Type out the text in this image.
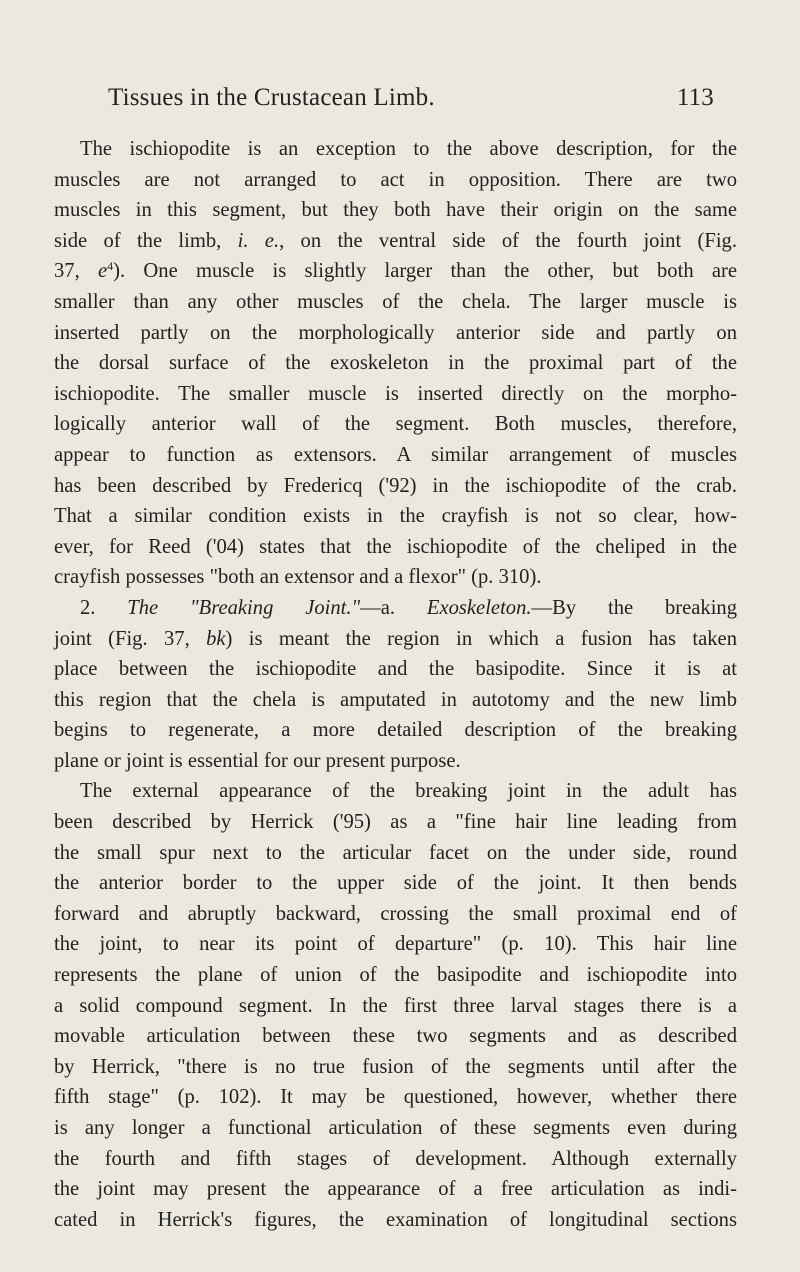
Tissues in the Crustacean Limb.	113
The ischiopodite is an exception to the above description, for the
muscles are not arranged to act in opposition. There are two
muscles in this segment, but they both have their origin on the same
side of the limb, i. e., on the ventral side of the fourth joint (Fig.
37, $e^4$). One muscle is slightly larger than the other, but both are
smaller than any other muscles of the chela. The larger muscle is
inserted partly on the morphologically anterior side and partly on
the dorsal surface of the exoskeleton in the proximal part of the
ischiopodite. The smaller muscle is inserted directly on the morpho-
logically anterior wall of the segment. Both muscles, therefore,
appear to function as extensors. A similar arrangement of muscles
has been described by Fredericq ('92) in the ischiopodite of the crab.
That a similar condition exists in the crayfish is not so clear, how-
ever, for Reed ('04) states that the ischiopodite of the cheliped in the
crayfish possesses "both an extensor and a flexor" (p. 310).
2. The "Breaking Joint."—a. Exoskeleton.—By the breaking
joint (Fig. 37, bk) is meant the region in which a fusion has taken
place between the ischiopodite and the basipodite. Since it is at
this region that the chela is amputated in autotomy and the new limb
begins to regenerate, a more detailed description of the breaking
plane or joint is essential for our present purpose.
The external appearance of the breaking joint in the adult has
been described by Herrick ('95) as a "fine hair line leading from
the small spur next to the articular facet on the under side, round
the anterior border to the upper side of the joint. It then bends
forward and abruptly backward, crossing the small proximal end of
the joint, to near its point of departure" (p. 10). This hair line
represents the plane of union of the basipodite and ischiopodite into
a solid compound segment. In the first three larval stages there is a
movable articulation between these two segments and as described
by Herrick, "there is no true fusion of the segments until after the
fifth stage" (p. 102). It may be questioned, however, whether there
is any longer a functional articulation of these segments even during
the fourth and fifth stages of development. Although externally
the joint may present the appearance of a free articulation as indi-
cated in Herrick's figures, the examination of longitudinal sections
